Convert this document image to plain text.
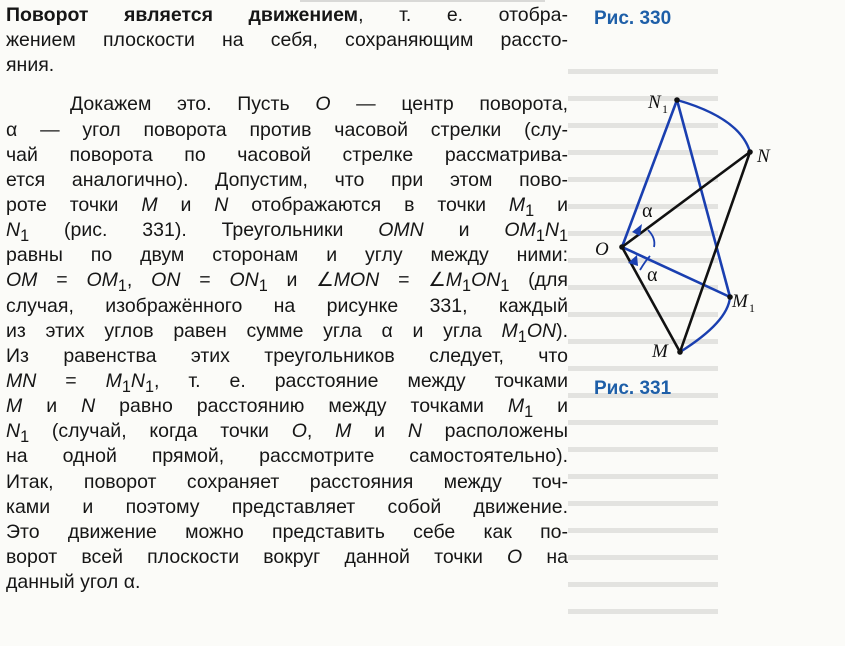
Поворот является движением, т. е. отобра-
жением плоскости на себя, сохраняющим расстo-
яния.
Докажем это. Пусть O — центр поворота,
α — угол поворота против часовой стрелки (слу-
чай поворота по часовой стрелке рассматрива-
ется аналогично). Допустим, что при этом пово-
роте точки M и N отображаются в точки $M_1$ и
$N_1$ (рис. 331). Треугольники OMN и $OM_1N_1$
равны по двум сторонам и углу между ними:
OM = $OM_1$, ON = $ON_1$ и ∠MON = $\angle M_1ON_1$ (для
случая, изображённого на рисунке 331, каждый
из этих углов равен сумме угла α и угла $M_1ON$).
Из равенства этих треугольников следует, что
MN = $M_1N_1$, т. е. расстояние между точками
M и N равно расстоянию между точками $M_1$ и
$N_1$ (случай, когда точки O, M и N расположены
на одной прямой, рассмотрите самостоятельно).
Итак, поворот сохраняет расстояния между точ-
ками и поэтому представляет собой движение.
Это движение можно представить себе как по-
ворот всей плоскости вокруг данной точки O на
данный угол α.
Рис. 330
Рис. 331
O
M
N
M 1
N 1
α
α
